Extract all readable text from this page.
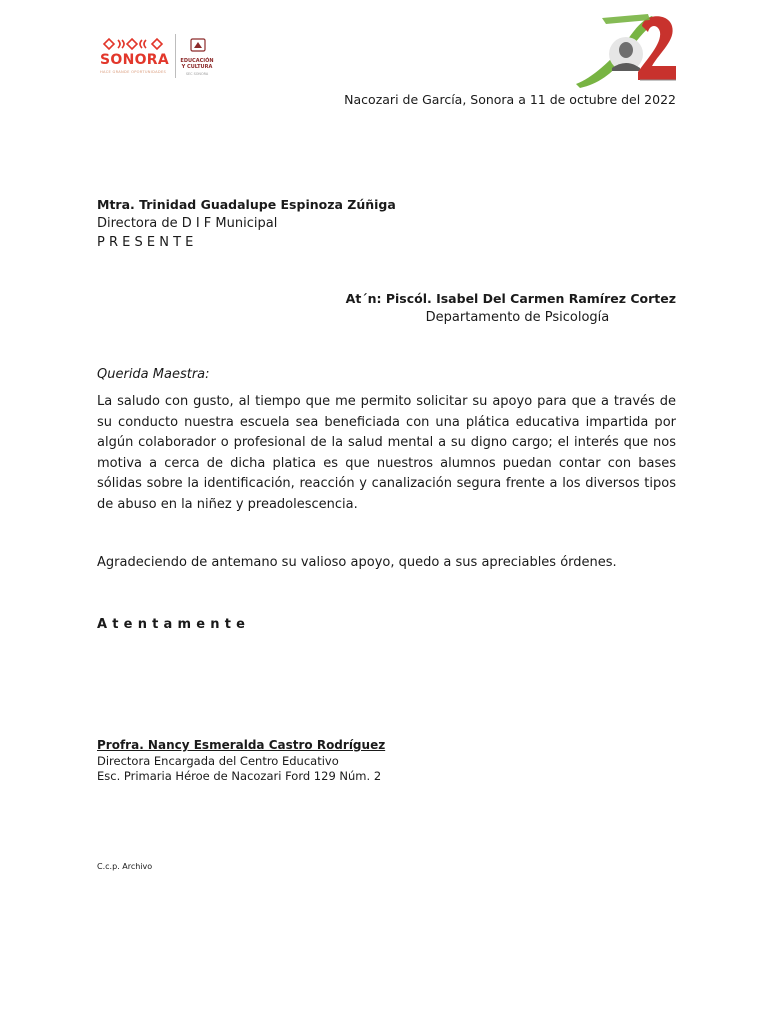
SONORA
HACE GRANDE OPORTUNIDADES
EDUCACIÓN
Y CULTURA
SEC SONORA
Nacozari de García, Sonora a 11 de octubre del 2022
Mtra. Trinidad Guadalupe Espinoza Zúñiga
Directora de D I F Municipal
P R E S E N T E
At´n: Piscól. Isabel Del Carmen Ramírez Cortez
Departamento de Psicología
Querida Maestra:

La saludo con gusto, al tiempo que me permito solicitar su apoyo para que a través de su conducto nuestra escuela sea beneficiada con una plática educativa impartida por algún colaborador o profesional de la salud mental a su digno cargo; el interés que nos motiva a cerca de dicha platica es que nuestros alumnos puedan contar con bases sólidas sobre la identificación, reacción y canalización segura frente a los diversos tipos de abuso en la niñez y preadolescencia.

Agradeciendo de antemano su valioso apoyo, quedo a sus apreciables órdenes.
Atentamente
Profra. Nancy Esmeralda Castro Rodríguez
Directora Encargada del Centro Educativo
Esc. Primaria Héroe de Nacozari Ford 129 Núm. 2
C.c.p. Archivo
